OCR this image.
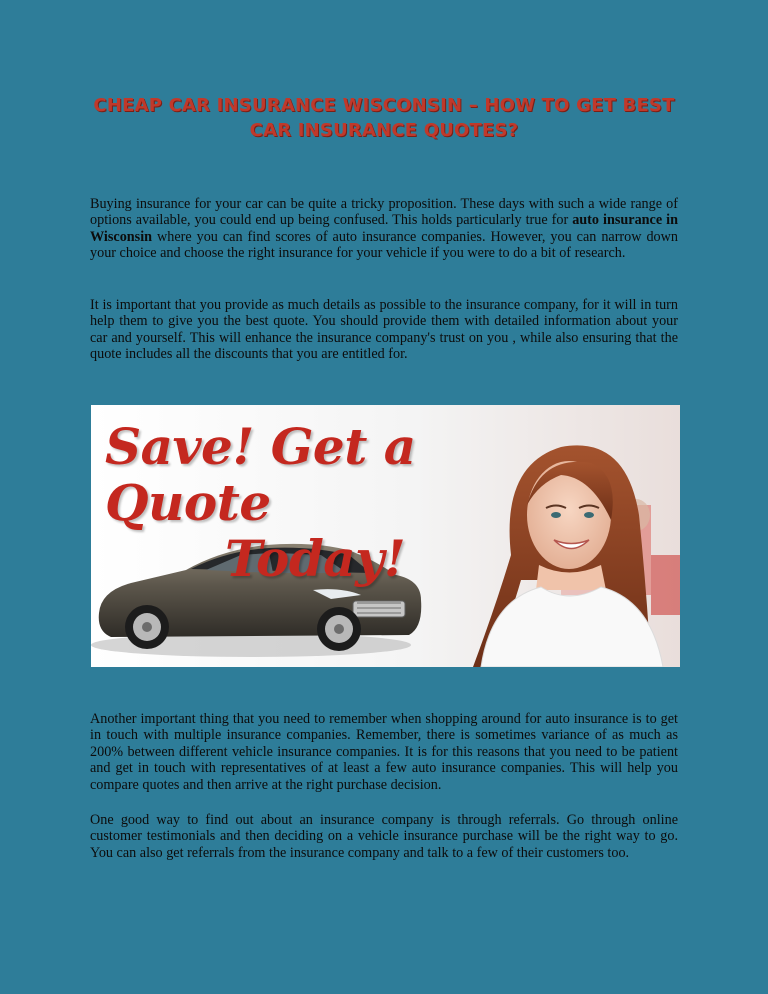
CHEAP CAR INSURANCE WISCONSIN – HOW TO GET BEST CAR INSURANCE QUOTES?

Buying insurance for your car can be quite a tricky proposition. These days with such a wide range of options available, you could end up being confused. This holds particularly true for auto insurance in Wisconsin where you can find scores of auto insurance companies. However, you can narrow down your choice and choose the right insurance for your vehicle if you were to do a bit of research.

It is important that you provide as much details as possible to the insurance company, for it will in turn help them to give you the best quote. You should provide them with detailed information about your car and yourself. This will enhance the insurance company's trust on you , while also ensuring that the quote includes all the discounts that you are entitled for.

Save! Get a Quote
Today!

Another important thing that you need to remember when shopping around for auto insurance is to get in touch with multiple insurance companies. Remember, there is sometimes variance of as much as 200% between different vehicle insurance companies. It is for this reasons that you need to be patient and get in touch with representatives of at least a few auto insurance companies. This will help you compare quotes and then arrive at the right purchase decision.

One good way to find out about an insurance company is through referrals. Go through online customer testimonials and then deciding on a vehicle insurance purchase will be the right way to go. You can also get referrals from the insurance company and talk to a few of their customers too.
